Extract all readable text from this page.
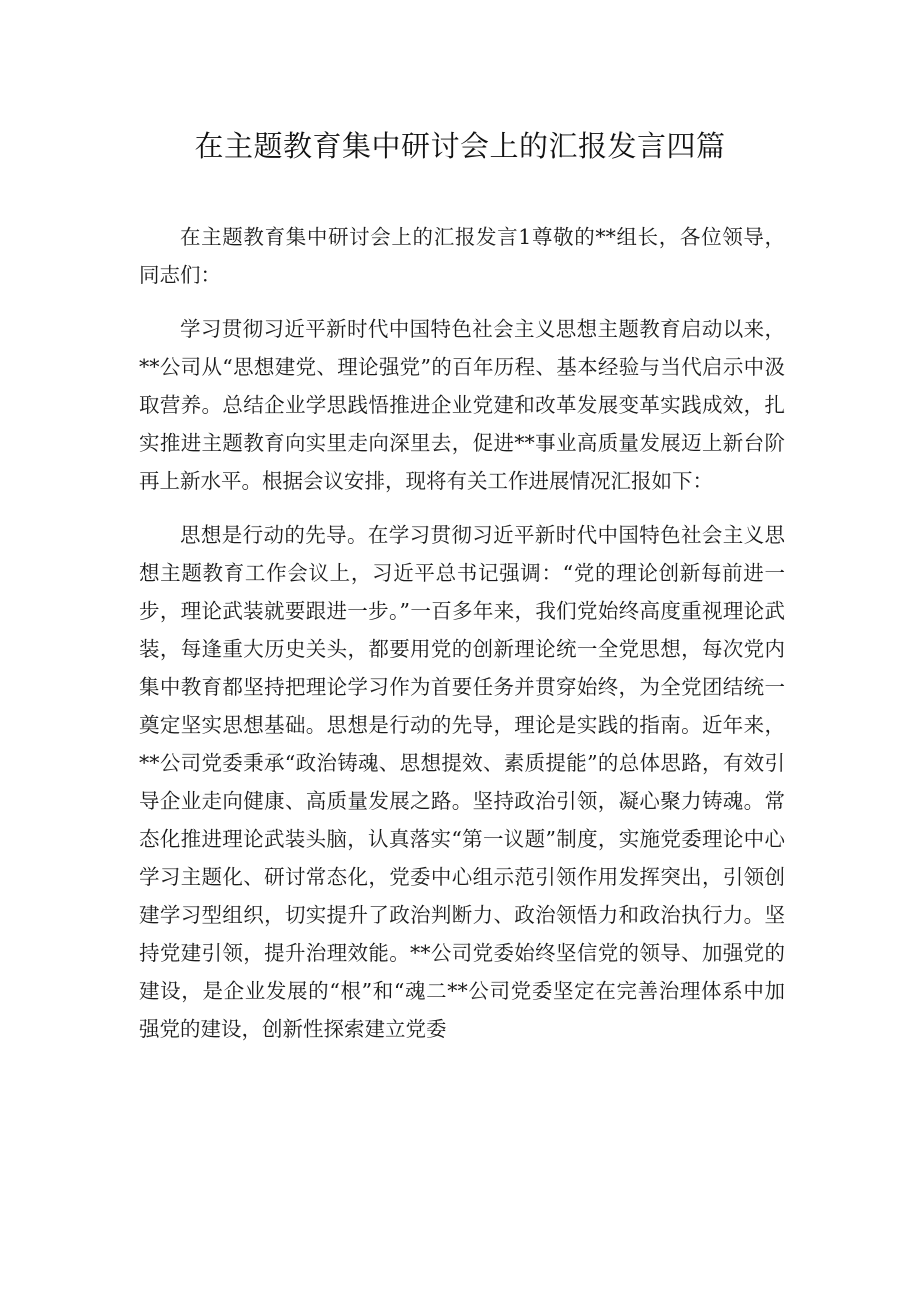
在主题教育集中研讨会上的汇报发言四篇

在主题教育集中研讨会上的汇报发言1尊敬的**组长，各位领导，同志们：

学习贯彻习近平新时代中国特色社会主义思想主题教育启动以来，**公司从“思想建党、理论强党”的百年历程、基本经验与当代启示中汲取营养。总结企业学思践悟推进企业党建和改革发展变革实践成效，扎实推进主题教育向实里走向深里去，促进**事业高质量发展迈上新台阶再上新水平。根据会议安排，现将有关工作进展情况汇报如下：

思想是行动的先导。在学习贯彻习近平新时代中国特色社会主义思想主题教育工作会议上，习近平总书记强调：“党的理论创新每前进一步，理论武装就要跟进一步。”一百多年来，我们党始终高度重视理论武装，每逢重大历史关头，都要用党的创新理论统一全党思想，每次党内集中教育都坚持把理论学习作为首要任务并贯穿始终，为全党团结统一奠定坚实思想基础。思想是行动的先导，理论是实践的指南。近年来，**公司党委秉承“政治铸魂、思想提效、素质提能”的总体思路，有效引导企业走向健康、高质量发展之路。坚持政治引领，凝心聚力铸魂。常态化推进理论武装头脑，认真落实“第一议题”制度，实施党委理论中心学习主题化、研讨常态化，党委中心组示范引领作用发挥突出，引领创建学习型组织，切实提升了政治判断力、政治领悟力和政治执行力。坚持党建引领，提升治理效能。**公司党委始终坚信党的领导、加强党的建设，是企业发展的“根”和“魂二**公司党委坚定在完善治理体系中加强党的建设，创新性探索建立党委
